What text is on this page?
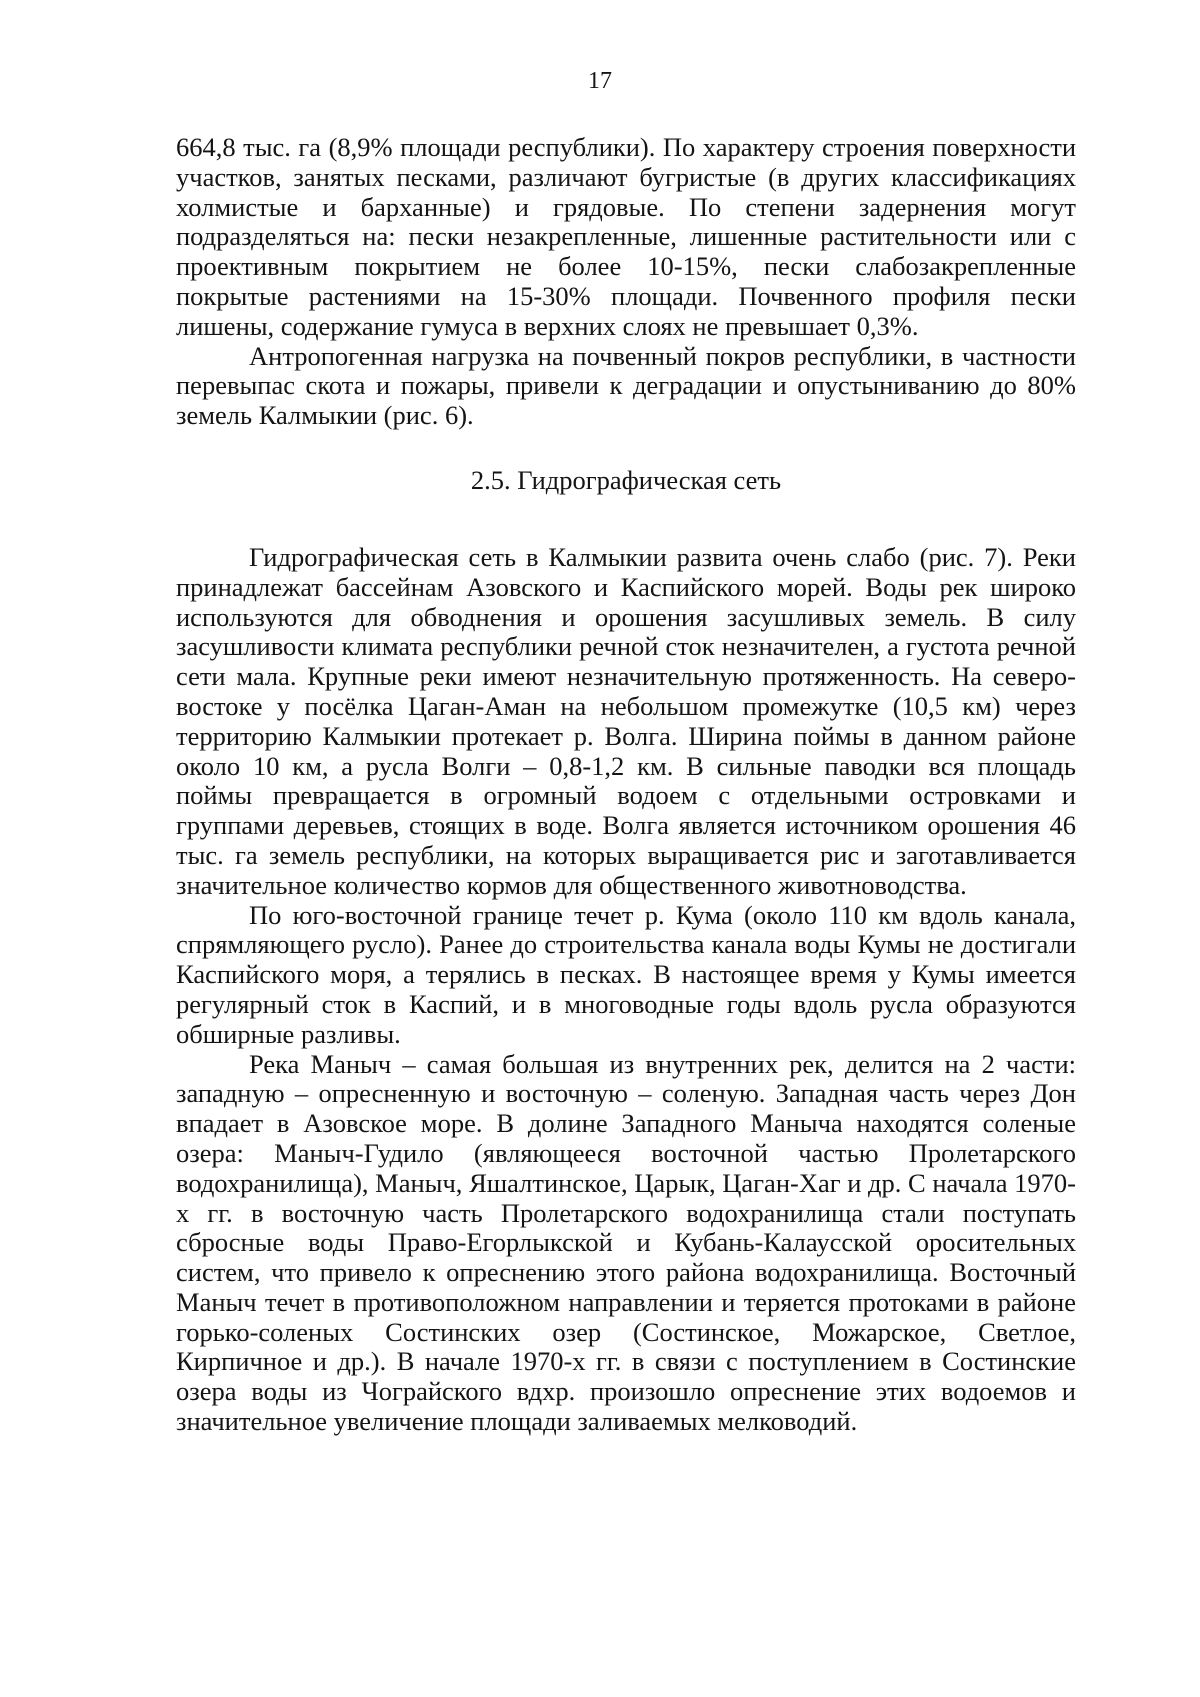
17

664,8 тыс. га (8,9% площади республики). По характеру строения поверхности участков, занятых песками, различают бугристые (в других классификациях холмистые и барханные) и грядовые. По степени задернения могут подразделяться на: пески незакрепленные, лишенные растительности или с проективным покрытием не более 10-15%, пески слабозакрепленные покрытые растениями на 15-30% площади. Почвенного профиля пески лишены, содержание гумуса в верхних слоях не превышает 0,3%.

Антропогенная нагрузка на почвенный покров республики, в частности перевыпас скота и пожары, привели к деградации и опустыниванию до 80% земель Калмыкии (рис. 6).

2.5. Гидрографическая сеть

Гидрографическая сеть в Калмыкии развита очень слабо (рис. 7). Реки принадлежат бассейнам Азовского и Каспийского морей. Воды рек широко используются для обводнения и орошения засушливых земель. В силу засушливости климата республики речной сток незначителен, а густота речной сети мала. Крупные реки имеют незначительную протяженность. На северовостоке у посёлка Цаган-Аман на небольшом промежутке (10,5 км) через территорию Калмыкии протекает р. Волга. Ширина поймы в данном районе около 10 км, а русла Волги – 0,8-1,2 км. В сильные паводки вся площадь поймы превращается в огромный водоем с отдельными островками и группами деревьев, стоящих в воде. Волга является источником орошения 46 тыс. га земель республики, на которых выращивается рис и заготавливается значительное количество кормов для общественного животноводства.

По юго-восточной границе течет р. Кума (около 110 км вдоль канала, спрямляющего русло). Ранее до строительства канала воды Кумы не достигали Каспийского моря, а терялись в песках. В настоящее время у Кумы имеется регулярный сток в Каспий, и в многоводные годы вдоль русла образуются обширные разливы.

Река Маныч – самая большая из внутренних рек, делится на 2 части: западную – опресненную и восточную – соленую. Западная часть через Дон впадает в Азовское море. В долине Западного Маныча находятся соленые озера: Маныч-Гудило (являющееся восточной частью Пролетарского водохранилища), Маныч, Яшалтинское, Царык, Цаган-Хаг и др. С начала 1970х гг. в восточную часть Пролетарского водохранилища стали поступать сбросные воды Право-Егорлыкской и Кубань-Калаусской оросительных систем, что привело к опреснению этого района водохранилища. Восточный Маныч течет в противоположном направлении и теряется протоками в районе горько-соленых Состинских озер (Состинское, Можарское, Светлое, Кирпичное и др.). В начале 1970-х гг. в связи с поступлением в Состинские озера воды из Чограйского вдхр. произошло опреснение этих водоемов и значительное увеличение площади заливаемых мелководий.
